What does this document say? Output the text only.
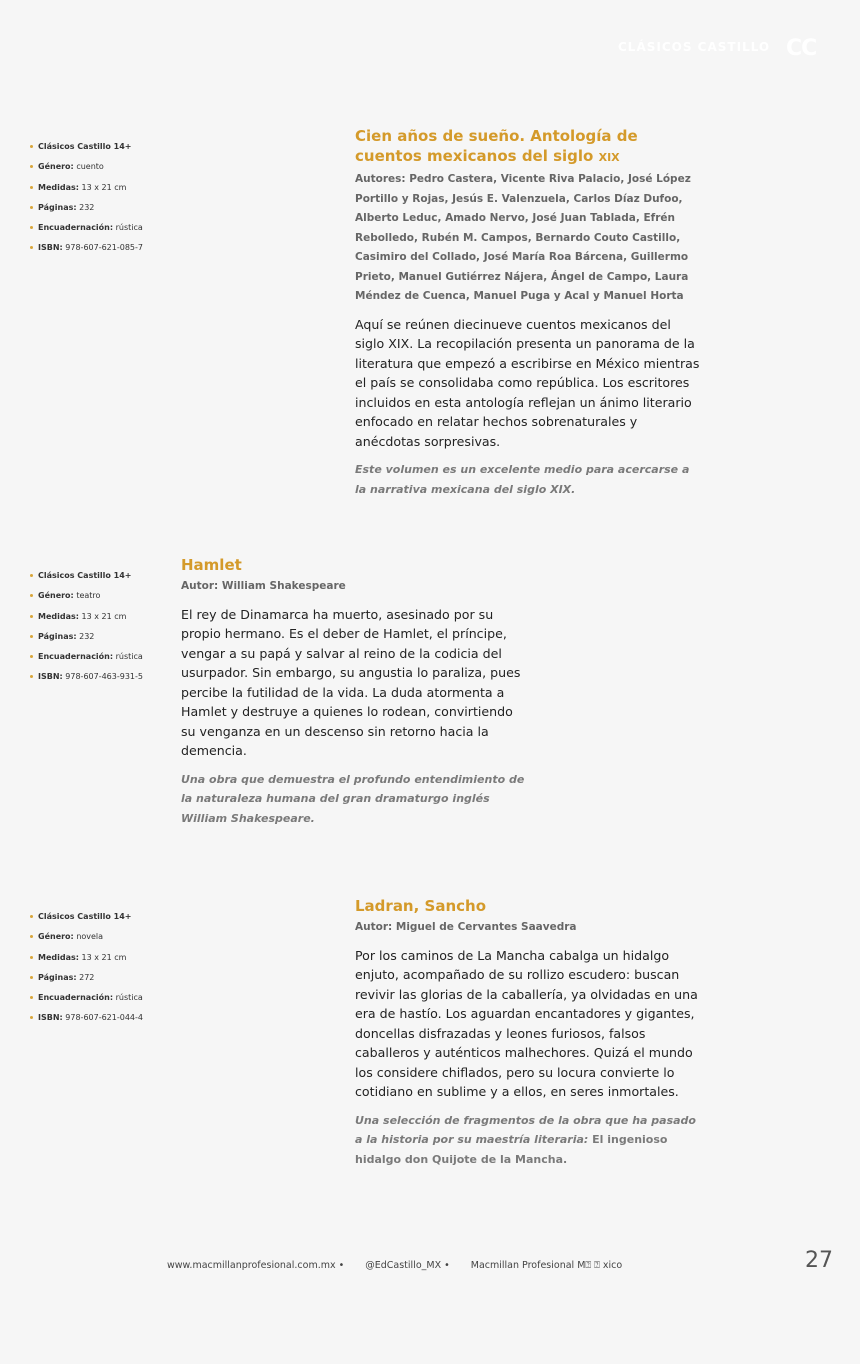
CLÁSICOS CASTILLO CC
Clásicos Castillo 14+
Género: cuento
Medidas: 13 x 21 cm
Páginas: 232
Encuadernación: rústica
ISBN: 978-607-621-085-7
Cien años de sueño. Antología de cuentos mexicanos del siglo XIX

Autores: Pedro Castera, Vicente Riva Palacio, José López Portillo y Rojas, Jesús E. Valenzuela, Carlos Díaz Dufoo, Alberto Leduc, Amado Nervo, José Juan Tablada, Efrén Rebolledo, Rubén M. Campos, Bernardo Couto Castillo, Casimiro del Collado, José María Roa Bárcena, Guillermo Prieto, Manuel Gutiérrez Nájera, Ángel de Campo, Laura Méndez de Cuenca, Manuel Puga y Acal y Manuel Horta

Aquí se reúnen diecinueve cuentos mexicanos del siglo XIX. La recopilación presenta un panorama de la literatura que empezó a escribirse en México mientras el país se consolidaba como república. Los escritores incluidos en esta antología reflejan un ánimo literario enfocado en relatar hechos sobrenaturales y anécdotas sorpresivas.

Este volumen es un excelente medio para acercarse a la narrativa mexicana del siglo XIX.

Clásicos Castillo 14+
Género: teatro
Medidas: 13 x 21 cm
Páginas: 232
Encuadernación: rústica
ISBN: 978-607-463-931-5
Hamlet

Autor: William Shakespeare

El rey de Dinamarca ha muerto, asesinado por su propio hermano. Es el deber de Hamlet, el príncipe, vengar a su papá y salvar al reino de la codicia del usurpador. Sin embargo, su angustia lo paraliza, pues percibe la futilidad de la vida. La duda atormenta a Hamlet y destruye a quienes lo rodean, convirtiendo su venganza en un descenso sin retorno hacia la demencia.

Una obra que demuestra el profundo entendimiento de la naturaleza humana del gran dramaturgo inglés William Shakespeare.

Clásicos Castillo 14+
Género: novela
Medidas: 13 x 21 cm
Páginas: 272
Encuadernación: rústica
ISBN: 978-607-621-044-4
Ladran, Sancho

Autor: Miguel de Cervantes Saavedra

Por los caminos de La Mancha cabalga un hidalgo enjuto, acompañado de su rollizo escudero: buscan revivir las glorias de la caballería, ya olvidadas en una era de hastío. Los aguardan encantadores y gigantes, doncellas disfrazadas y leones furiosos, falsos caballeros y auténticos malhechores. Quizá el mundo los considere chiflados, pero su locura convierte lo cotidiano en sublime y a ellos, en seres inmortales.

Una selección de fragmentos de la obra que ha pasado a la historia por su maestría literaria: El ingenioso hidalgo don Quijote de la Mancha.

www.macmillanprofesional.com.mx • @EdCastillo_MX • Macmillan Profesional M⍰ ⍰ xico	27
